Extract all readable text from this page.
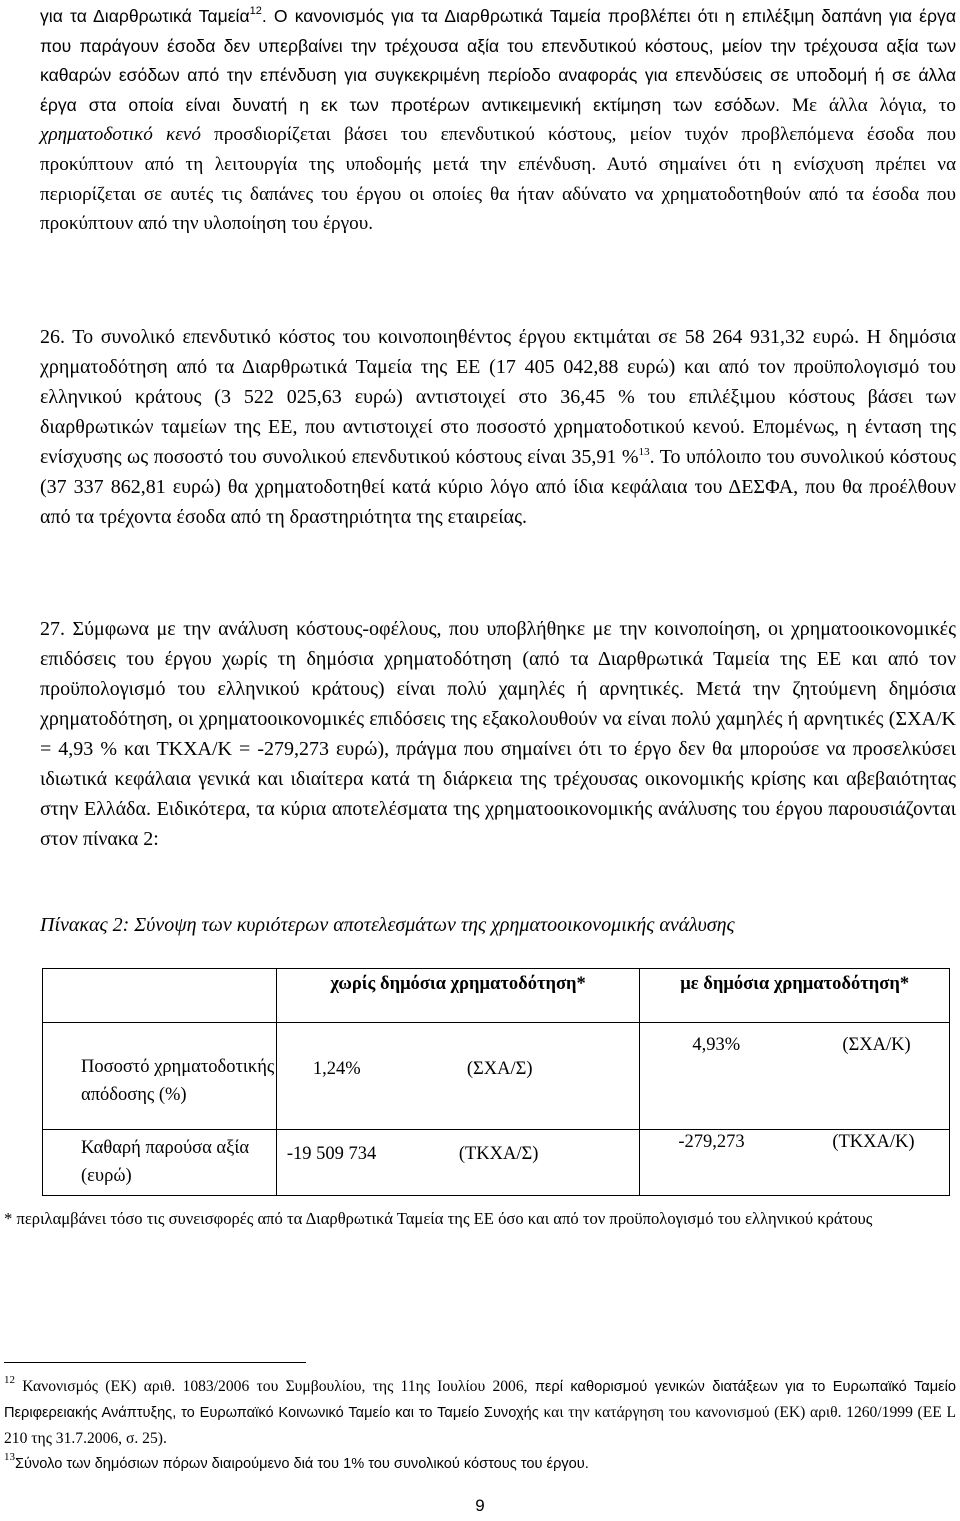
για τα Διαρθρωτικά Ταμεία$^{12}$. Ο κανονισμός για τα Διαρθρωτικά Ταμεία προβλέπει ότι η επιλέξιμη δαπάνη για έργα που παράγουν έσοδα δεν υπερβαίνει την τρέχουσα αξία του επενδυτικού κόστους, μείον την τρέχουσα αξία των καθαρών εσόδων από την επένδυση για συγκεκριμένη περίοδο αναφοράς για επενδύσεις σε υποδομή ή σε άλλα έργα στα οποία είναι δυνατή η εκ των προτέρων αντικειμενική εκτίμηση των εσόδων. Με άλλα λόγια, το χρηματοδοτικό κενό προσδιορίζεται βάσει του επενδυτικού κόστους, μείον τυχόν προβλεπόμενα έσοδα που προκύπτουν από τη λειτουργία της υποδομής μετά την επένδυση. Αυτό σημαίνει ότι η ενίσχυση πρέπει να περιορίζεται σε αυτές τις δαπάνες του έργου οι οποίες θα ήταν αδύνατο να χρηματοδοτηθούν από τα έσοδα που προκύπτουν από την υλοποίηση του έργου.
26. Το συνολικό επενδυτικό κόστος του κοινοποιηθέντος έργου εκτιμάται σε 58 264 931,32 ευρώ. Η δημόσια χρηματοδότηση από τα Διαρθρωτικά Ταμεία της ΕΕ (17 405 042,88 ευρώ) και από τον προϋπολογισμό του ελληνικού κράτους (3 522 025,63 ευρώ) αντιστοιχεί στο 36,45 % του επιλέξιμου κόστους βάσει των διαρθρωτικών ταμείων της ΕΕ, που αντιστοιχεί στο ποσοστό χρηματοδοτικού κενού. Επομένως, η ένταση της ενίσχυσης ως ποσοστό του συνολικού επενδυτικού κόστους είναι 35,91 %$^{13}$. Το υπόλοιπο του συνολικού κόστους (37 337 862,81 ευρώ) θα χρηματοδοτηθεί κατά κύριο λόγο από ίδια κεφάλαια του ΔΕΣΦΑ, που θα προέλθουν από τα τρέχοντα έσοδα από τη δραστηριότητα της εταιρείας.
27. Σύμφωνα με την ανάλυση κόστους-οφέλους, που υποβλήθηκε με την κοινοποίηση, οι χρηματοοικονομικές επιδόσεις του έργου χωρίς τη δημόσια χρηματοδότηση (από τα Διαρθρωτικά Ταμεία της ΕΕ και από τον προϋπολογισμό του ελληνικού κράτους) είναι πολύ χαμηλές ή αρνητικές. Μετά την ζητούμενη δημόσια χρηματοδότηση, οι χρηματοοικονομικές επιδόσεις της εξακολουθούν να είναι πολύ χαμηλές ή αρνητικές (ΣΧΑ/Κ = 4,93 % και ΤΚΧΑ/Κ = -279,273 ευρώ), πράγμα που σημαίνει ότι το έργο δεν θα μπορούσε να προσελκύσει ιδιωτικά κεφάλαια γενικά και ιδιαίτερα κατά τη διάρκεια της τρέχουσας οικονομικής κρίσης και αβεβαιότητας στην Ελλάδα. Ειδικότερα, τα κύρια αποτελέσματα της χρηματοοικονομικής ανάλυσης του έργου παρουσιάζονται στον πίνακα 2:
Πίνακας 2: Σύνοψη των κυριότερων αποτελεσμάτων της χρηματοοικονομικής ανάλυσης
	χωρίς δημόσια χρηματοδότηση*	με δημόσια χρηματοδότηση*
Ποσοστό χρηματοδοτικής απόδοσης (%)	1,24% (ΣΧΑ/Σ)	4,93% (ΣΧΑ/Κ)

Καθαρή παρούσα αξία (ευρώ)	-19 509 734 (ΤΚΧΑ/Σ)	-279,273 (ΤΚΧΑ/Κ)
* περιλαμβάνει τόσο τις συνεισφορές από τα Διαρθρωτικά Ταμεία της ΕΕ όσο και από τον προϋπολογισμό του ελληνικού κράτους
$^{12}$ Κανονισμός (ΕΚ) αριθ. 1083/2006 του Συμβουλίου, της 11ης Ιουλίου 2006, περί καθορισμού γενικών διατάξεων για το Ευρωπαϊκό Ταμείο Περιφερειακής Ανάπτυξης, το Ευρωπαϊκό Κοινωνικό Ταμείο και το Ταμείο Συνοχής και την κατάργηση του κανονισμού (ΕΚ) αριθ. 1260/1999 (ΕΕ L 210 της 31.7.2006, σ. 25).
$^{13}$Σύνολο των δημόσιων πόρων διαιρούμενο διά του 1% του συνολικού κόστους του έργου.
9
